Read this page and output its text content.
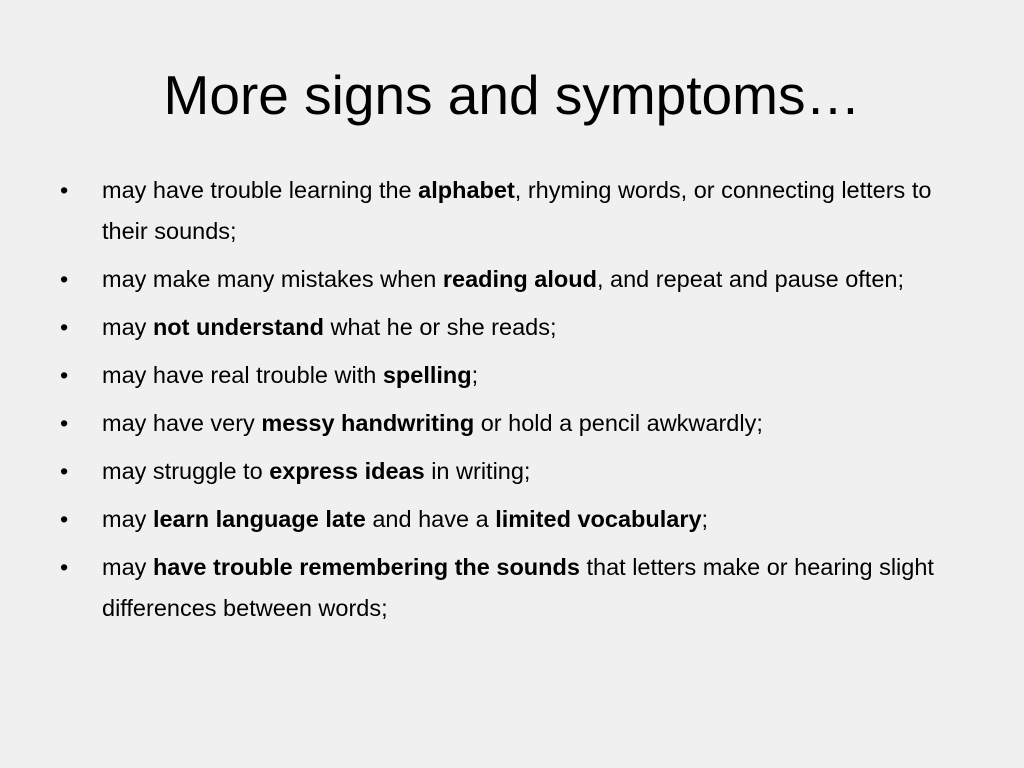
More signs and symptoms…
• may have trouble learning the alphabet, rhyming words, or connecting letters to their sounds;
• may make many mistakes when reading aloud, and repeat and pause often;
• may not understand what he or she reads;
• may have real trouble with spelling;
• may have very messy handwriting or hold a pencil awkwardly;
• may struggle to express ideas in writing;
• may learn language late and have a limited vocabulary;
• may have trouble remembering the sounds that letters make or hearing slight differences between words;
